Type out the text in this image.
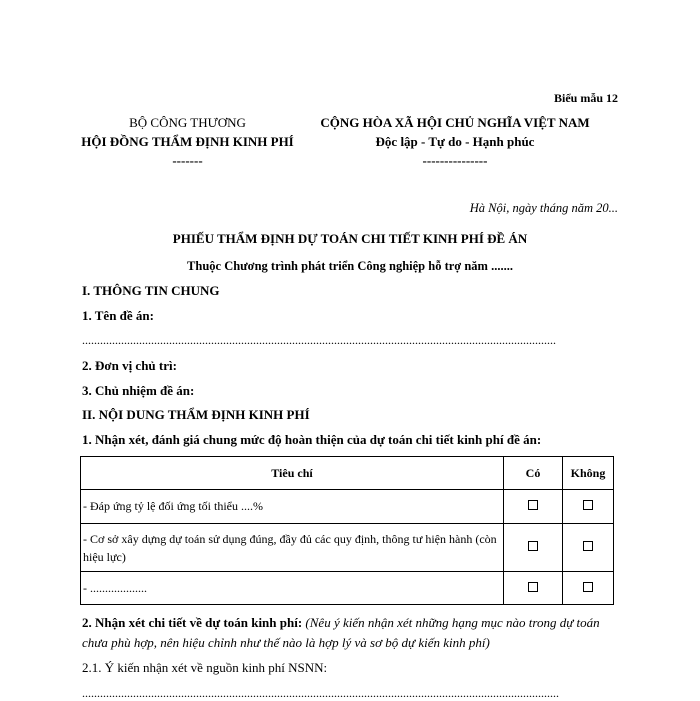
Biểu mẫu 12
BỘ CÔNG THƯƠNG
HỘI ĐỒNG THẨM ĐỊNH KINH PHÍ
-------
CỘNG HÒA XÃ HỘI CHỦ NGHĨA VIỆT NAM
Độc lập - Tự do - Hạnh phúc
---------------
Hà Nội, ngày tháng năm 20...
PHIẾU THẨM ĐỊNH DỰ TOÁN CHI TIẾT KINH PHÍ ĐỀ ÁN
Thuộc Chương trình phát triển Công nghiệp hỗ trợ năm .......
I. THÔNG TIN CHUNG
1. Tên đề án:
..............................................................................................................................................................
2. Đơn vị chủ trì:
3. Chủ nhiệm đề án:
II. NỘI DUNG THẨM ĐỊNH KINH PHÍ
1. Nhận xét, đánh giá chung mức độ hoàn thiện của dự toán chi tiết kinh phí đề án:
Tiêu chí	Có	Không
- Đáp ứng tỷ lệ đối ứng tối thiểu ....%		
- Cơ sở xây dựng dự toán sử dụng đúng, đầy đủ các quy định, thông tư hiện hành (còn hiệu lực)		
- ...................		
2. Nhận xét chi tiết về dự toán kinh phí: (Nêu ý kiến nhận xét những hạng mục nào trong dự toán chưa phù hợp, nên hiệu chỉnh như thế nào là hợp lý và sơ bộ dự kiến kinh phí)
2.1. Ý kiến nhận xét về nguồn kinh phí NSNN:
...............................................................................................................................................................
